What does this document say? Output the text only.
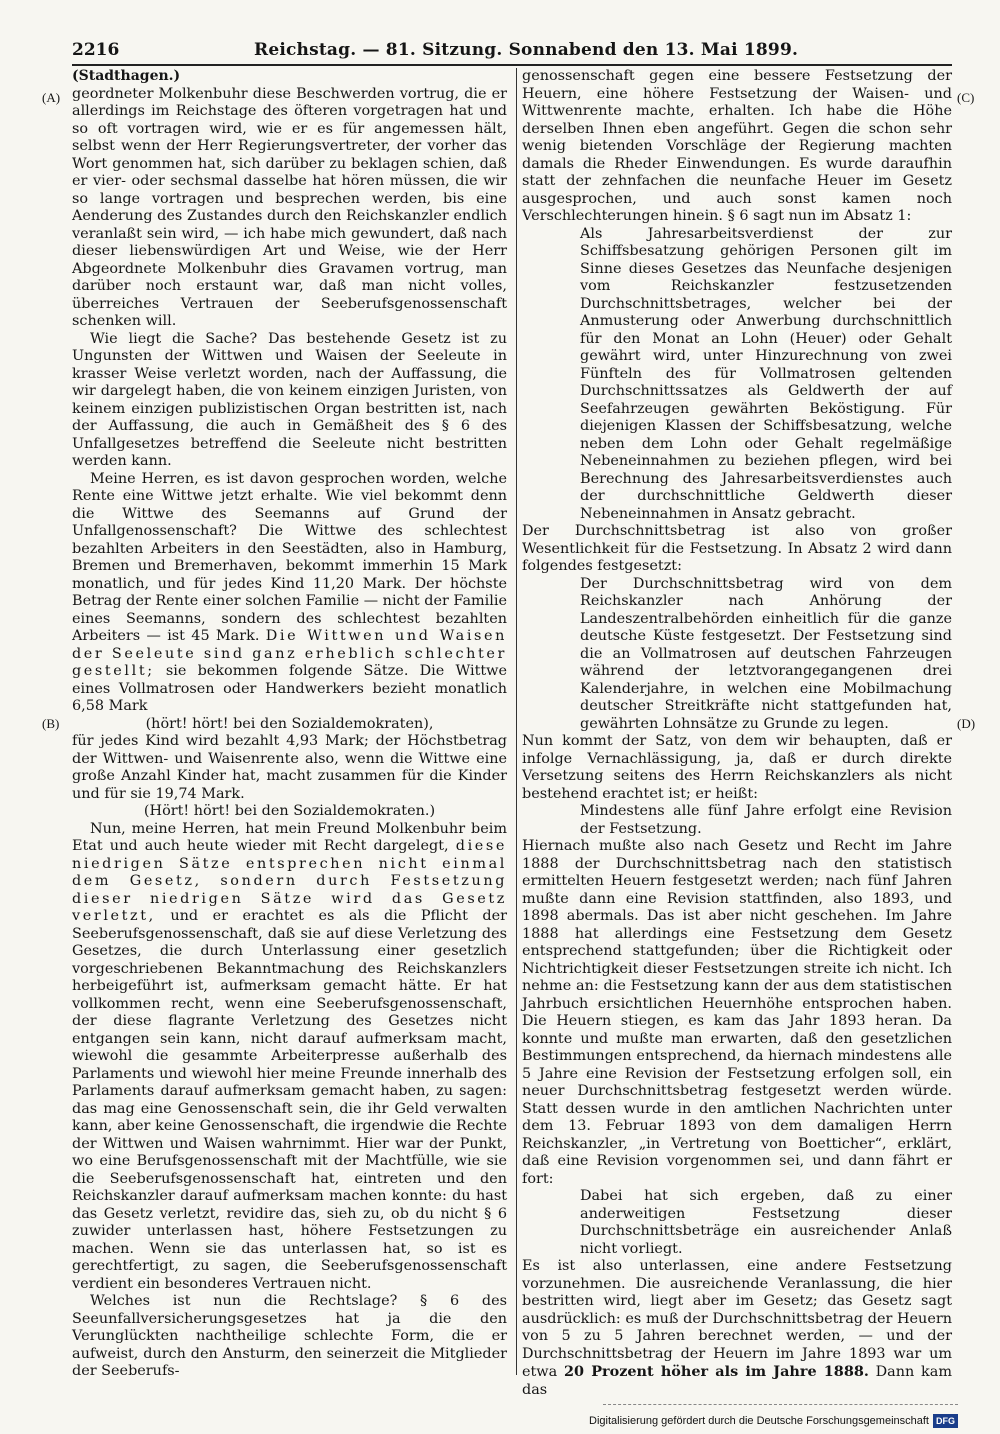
2216	Reichstag. — 81. Sitzung. Sonnabend den 13. Mai 1899.
(A)
(B)
(C)
(D)

(Stadthagen.)

geordneter Molkenbuhr diese Beschwerden vortrug, die er allerdings im Reichstage des öfteren vorgetragen hat und so oft vortragen wird, wie er es für angemessen hält, selbst wenn der Herr Regierungsvertreter, der vorher das Wort genommen hat, sich darüber zu beklagen schien, daß er vier- oder sechsmal dasselbe hat hören müssen, die wir so lange vortragen und besprechen werden, bis eine Aenderung des Zustandes durch den Reichskanzler endlich veranlaßt sein wird, — ich habe mich gewundert, daß nach dieser liebenswürdigen Art und Weise, wie der Herr Abgeordnete Molkenbuhr dies Gravamen vortrug, man darüber noch erstaunt war, daß man nicht volles, überreiches Vertrauen der Seeberufsgenossenschaft schenken will.

Wie liegt die Sache? Das bestehende Gesetz ist zu Ungunsten der Wittwen und Waisen der Seeleute in krasser Weise verletzt worden, nach der Auffassung, die wir dargelegt haben, die von keinem einzigen Juristen, von keinem einzigen publizistischen Organ bestritten ist, nach der Auffassung, die auch in Gemäßheit des § 6 des Unfallgesetzes betreffend die Seeleute nicht bestritten werden kann.

Meine Herren, es ist davon gesprochen worden, welche Rente eine Wittwe jetzt erhalte. Wie viel bekommt denn die Wittwe des Seemanns auf Grund der Unfallgenossenschaft? Die Wittwe des schlechtest bezahlten Arbeiters in den Seestädten, also in Hamburg, Bremen und Bremerhaven, bekommt immerhin 15 Mark monatlich, und für jedes Kind 11,20 Mark. Der höchste Betrag der Rente einer solchen Familie — nicht der Familie eines Seemanns, sondern des schlechtest bezahlten Arbeiters — ist 45 Mark. Die Wittwen und Waisen der Seeleute sind ganz erheblich schlechter gestellt; sie bekommen folgende Sätze. Die Wittwe eines Vollmatrosen oder Handwerkers bezieht monatlich 6,58 Mark

(hört! hört! bei den Sozialdemokraten),

für jedes Kind wird bezahlt 4,93 Mark; der Höchstbetrag der Wittwen- und Waisenrente also, wenn die Wittwe eine große Anzahl Kinder hat, macht zusammen für die Kinder und für sie 19,74 Mark.

(Hört! hört! bei den Sozialdemokraten.)

Nun, meine Herren, hat mein Freund Molkenbuhr beim Etat und auch heute wieder mit Recht dargelegt, diese niedrigen Sätze entsprechen nicht einmal dem Gesetz, sondern durch Festsetzung dieser niedrigen Sätze wird das Gesetz verletzt, und er erachtet es als die Pflicht der Seeberufsgenossenschaft, daß sie auf diese Verletzung des Gesetzes, die durch Unterlassung einer gesetzlich vorgeschriebenen Bekanntmachung des Reichskanzlers herbeigeführt ist, aufmerksam gemacht hätte. Er hat vollkommen recht, wenn eine Seeberufsgenossenschaft, der diese flagrante Verletzung des Gesetzes nicht entgangen sein kann, nicht darauf aufmerksam macht, wiewohl die gesammte Arbeiterpresse außerhalb des Parlaments und wiewohl hier meine Freunde innerhalb des Parlaments darauf aufmerksam gemacht haben, zu sagen: das mag eine Genossenschaft sein, die ihr Geld verwalten kann, aber keine Genossenschaft, die irgendwie die Rechte der Wittwen und Waisen wahrnimmt. Hier war der Punkt, wo eine Berufsgenossenschaft mit der Machtfülle, wie sie die Seeberufsgenossenschaft hat, eintreten und den Reichskanzler darauf aufmerksam machen konnte: du hast das Gesetz verletzt, revidire das, sieh zu, ob du nicht § 6 zuwider unterlassen hast, höhere Festsetzungen zu machen. Wenn sie das unterlassen hat, so ist es gerechtfertigt, zu sagen, die Seeberufsgenossenschaft verdient ein besonderes Vertrauen nicht.

Welches ist nun die Rechtslage? § 6 des Seeunfallversicherungsgesetzes hat ja die den Verunglückten nachtheilige schlechte Form, die er aufweist, durch den Ansturm, den seinerzeit die Mitglieder der Seeberufs-

genossenschaft gegen eine bessere Festsetzung der Heuern, eine höhere Festsetzung der Waisen- und Wittwenrente machte, erhalten. Ich habe die Höhe derselben Ihnen eben angeführt. Gegen die schon sehr wenig bietenden Vorschläge der Regierung machten damals die Rheder Einwendungen. Es wurde daraufhin statt der zehnfachen die neunfache Heuer im Gesetz ausgesprochen, und auch sonst kamen noch Verschlechterungen hinein. § 6 sagt nun im Absatz 1:

Als Jahresarbeitsverdienst der zur Schiffsbesatzung gehörigen Personen gilt im Sinne dieses Gesetzes das Neunfache desjenigen vom Reichskanzler festzusetzenden Durchschnittsbetrages, welcher bei der Anmusterung oder Anwerbung durchschnittlich für den Monat an Lohn (Heuer) oder Gehalt gewährt wird, unter Hinzurechnung von zwei Fünfteln des für Vollmatrosen geltenden Durchschnittssatzes als Geldwerth der auf Seefahrzeugen gewährten Beköstigung. Für diejenigen Klassen der Schiffsbesatzung, welche neben dem Lohn oder Gehalt regelmäßige Nebeneinnahmen zu beziehen pflegen, wird bei Berechnung des Jahresarbeitsverdienstes auch der durchschnittliche Geldwerth dieser Nebeneinnahmen in Ansatz gebracht.

Der Durchschnittsbetrag ist also von großer Wesentlichkeit für die Festsetzung. In Absatz 2 wird dann folgendes festgesetzt:

Der Durchschnittsbetrag wird von dem Reichskanzler nach Anhörung der Landeszentralbehörden einheitlich für die ganze deutsche Küste festgesetzt. Der Festsetzung sind die an Vollmatrosen auf deutschen Fahrzeugen während der letztvorangegangenen drei Kalenderjahre, in welchen eine Mobilmachung deutscher Streitkräfte nicht stattgefunden hat, gewährten Lohnsätze zu Grunde zu legen.

Nun kommt der Satz, von dem wir behaupten, daß er infolge Vernachlässigung, ja, daß er durch direkte Versetzung seitens des Herrn Reichskanzlers als nicht bestehend erachtet ist; er heißt:

Mindestens alle fünf Jahre erfolgt eine Revision der Festsetzung.

Hiernach mußte also nach Gesetz und Recht im Jahre 1888 der Durchschnittsbetrag nach den statistisch ermittelten Heuern festgesetzt werden; nach fünf Jahren mußte dann eine Revision stattfinden, also 1893, und 1898 abermals. Das ist aber nicht geschehen. Im Jahre 1888 hat allerdings eine Festsetzung dem Gesetz entsprechend stattgefunden; über die Richtigkeit oder Nichtrichtigkeit dieser Festsetzungen streite ich nicht. Ich nehme an: die Festsetzung kann der aus dem statistischen Jahrbuch ersichtlichen Heuernhöhe entsprochen haben. Die Heuern stiegen, es kam das Jahr 1893 heran. Da konnte und mußte man erwarten, daß den gesetzlichen Bestimmungen entsprechend, da hiernach mindestens alle 5 Jahre eine Revision der Festsetzung erfolgen soll, ein neuer Durchschnittsbetrag festgesetzt werden würde. Statt dessen wurde in den amtlichen Nachrichten unter dem 13. Februar 1893 von dem damaligen Herrn Reichskanzler, „in Vertretung von Boetticher“, erklärt, daß eine Revision vorgenommen sei, und dann fährt er fort:

Dabei hat sich ergeben, daß zu einer anderweitigen Festsetzung dieser Durchschnittsbeträge ein ausreichender Anlaß nicht vorliegt.

Es ist also unterlassen, eine andere Festsetzung vorzunehmen. Die ausreichende Veranlassung, die hier bestritten wird, liegt aber im Gesetz; das Gesetz sagt ausdrücklich: es muß der Durchschnittsbetrag der Heuern von 5 zu 5 Jahren berechnet werden, — und der Durchschnittsbetrag der Heuern im Jahre 1893 war um etwa 20 Prozent höher als im Jahre 1888. Dann kam das

Digitalisierung gefördert durch die Deutsche Forschungsgemeinschaft DFG
